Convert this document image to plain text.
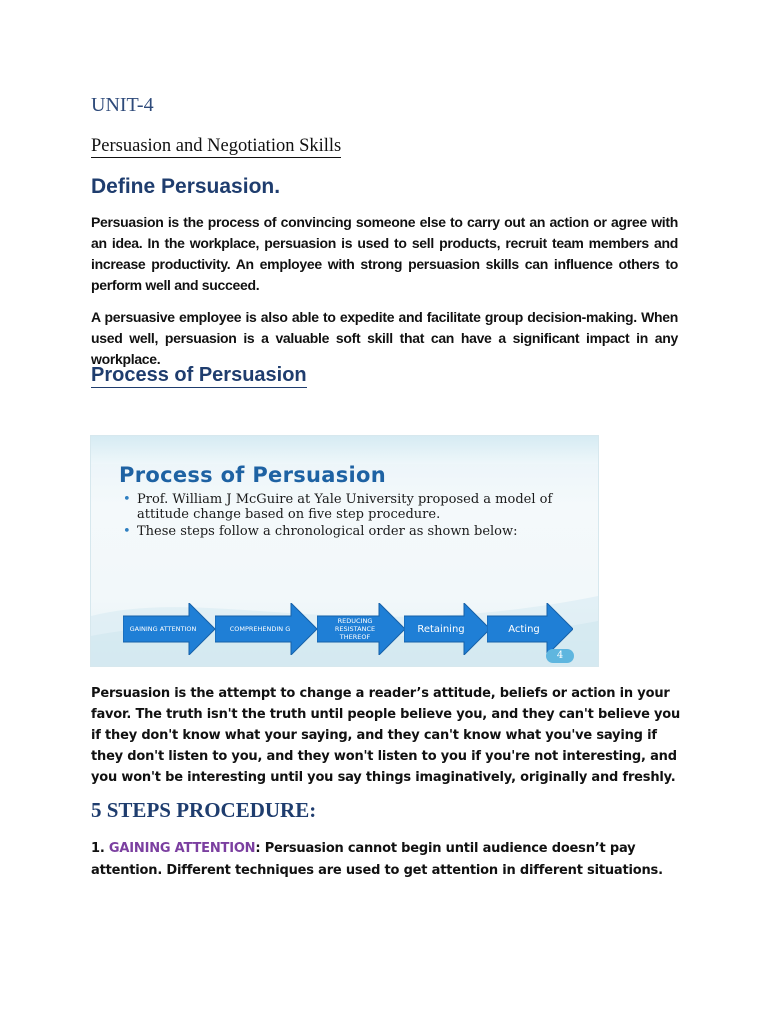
UNIT-4
Persuasion and Negotiation Skills
Define Persuasion.
Persuasion is the process of convincing someone else to carry out an action or agree with an idea. In the workplace, persuasion is used to sell products, recruit team members and increase productivity. An employee with strong persuasion skills can influence others to perform well and succeed.
A persuasive employee is also able to expedite and facilitate group decision-making. When used well, persuasion is a valuable soft skill that can have a significant impact in any workplace.
Process of Persuasion
Process of Persuasion
• Prof. William J McGuire at Yale University proposed a model of attitude change based on five step procedure.
• These steps follow a chronological order as shown below:
GAINING ATTENTION	COMPREHENDIN G
REDUCING RESISTANCE THEREOF
Retaining	Acting
4
Persuasion is the attempt to change a reader’s attitude, beliefs or action in your favor. The truth isn't the truth until people believe you, and they can't believe you if they don't know what your saying, and they can't know what you've saying if they don't listen to you, and they won't listen to you if you're not interesting, and you won't be interesting until you say things imaginatively, originally and freshly.
5 STEPS PROCEDURE:
1. GAINING ATTENTION: Persuasion cannot begin until audience doesn’t pay attention. Different techniques are used to get attention in different situations.
